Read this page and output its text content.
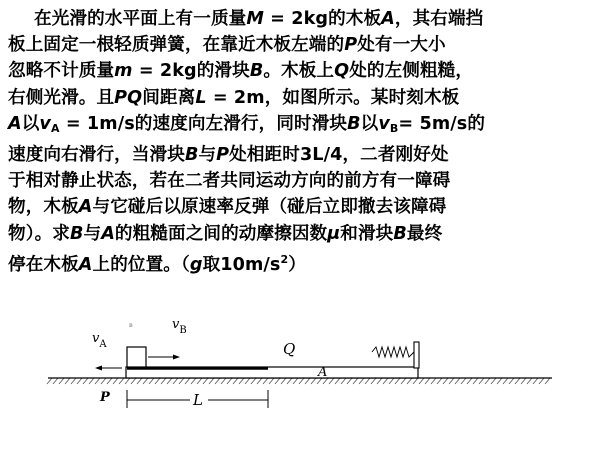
在光滑的水平面上有一质量M = 2kg的木板A，其右端挡
板上固定一根轻质弹簧，在靠近木板左端的P处有一大小
忽略不计质量m = 2kg的滑块B。木板上Q处的左侧粗糙，
右侧光滑。且PQ间距离L = 2m，如图所示。某时刻木板
A以$v_A = 1m/s$的速度向左滑行，同时滑块B以$v_B= 5m/s$的
速度向右滑行，当滑块B与P处相距时3L/4，二者刚好处
于相对静止状态，若在二者共同运动方向的前方有一障碍
物，木板A与它碰后以原速率反弹（碰后立即撤去该障碍
物）。求B与A的粗糙面之间的动摩擦因数μ和滑块B最终
停在木板A上的位置。（g取$10m/s^2$）
B
$v_A$
$v_B$
Q
A
P	L
